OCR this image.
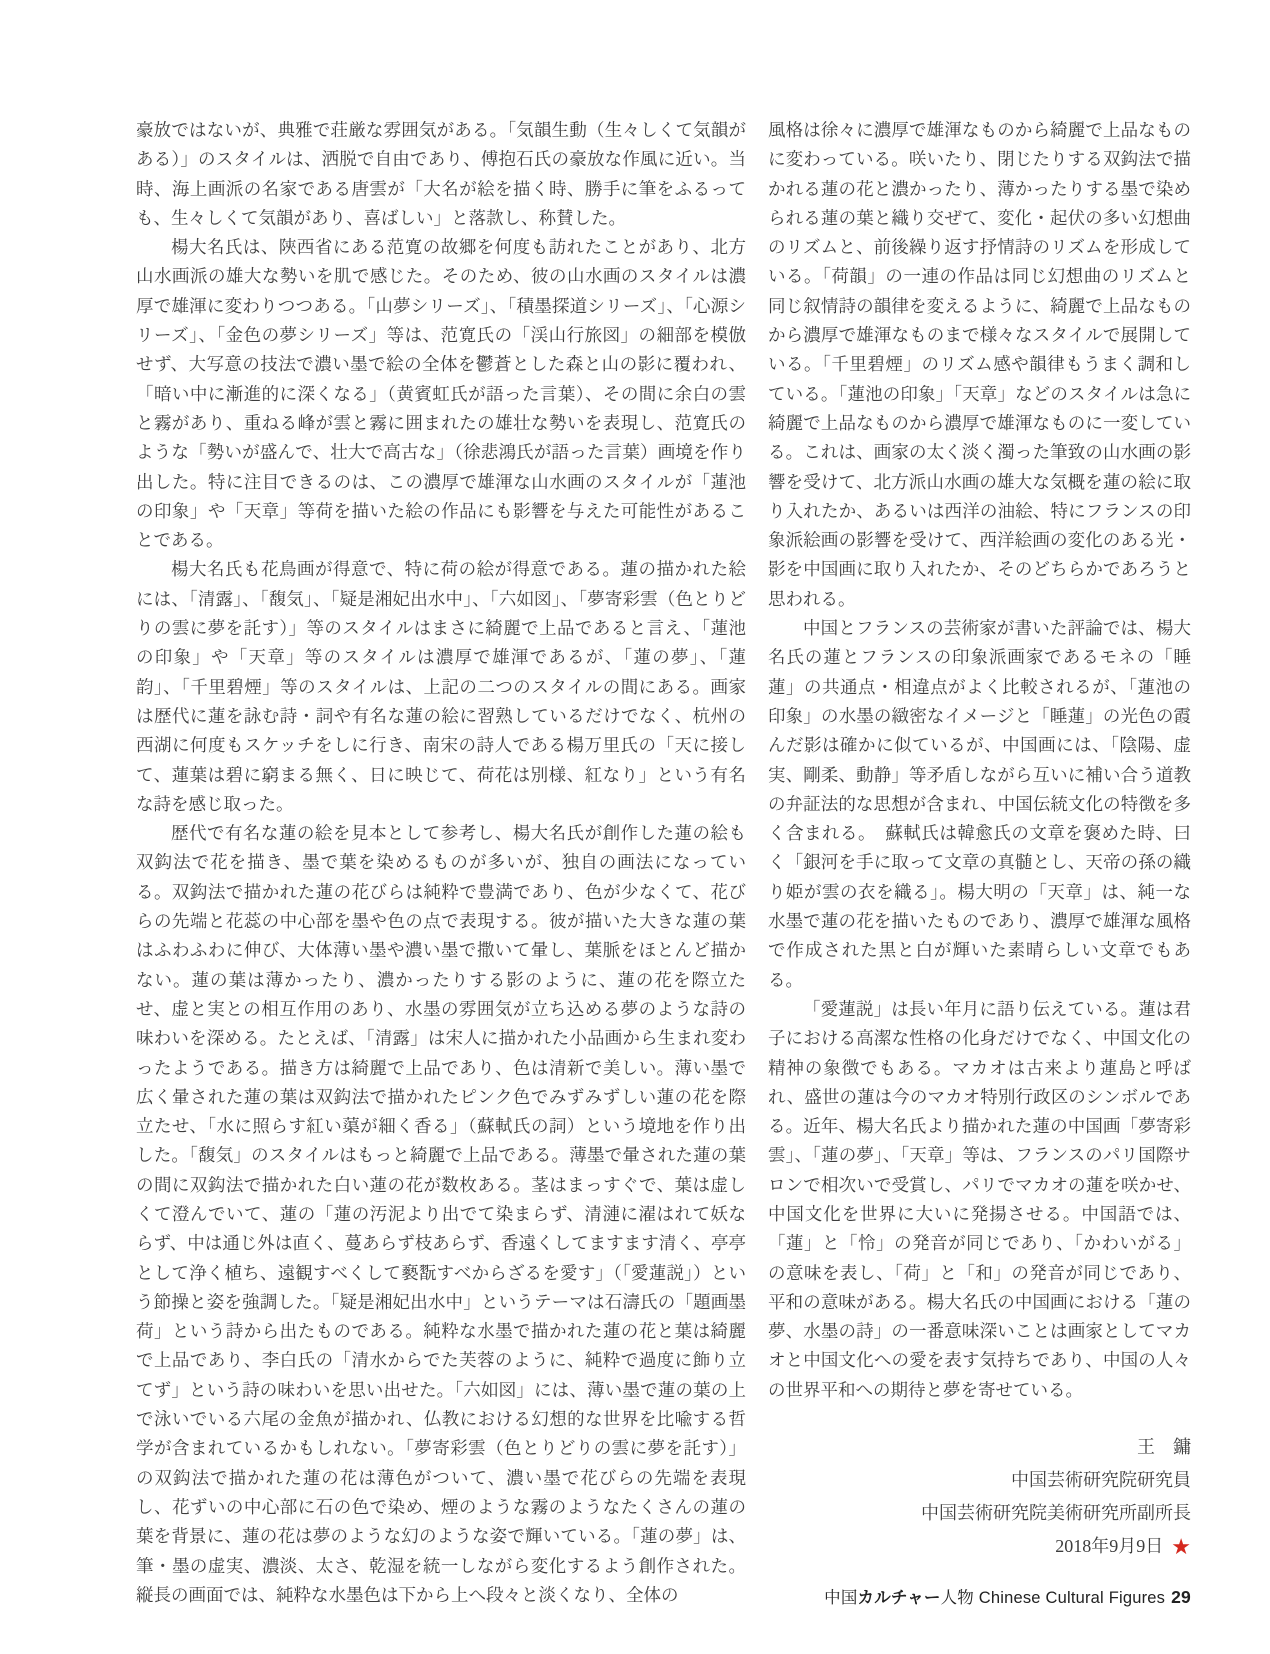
豪放ではないが、典雅で荘厳な雰囲気がある。「気韻生動（生々しくて気韻がある）」のスタイルは、洒脱で自由であり、傅抱石氏の豪放な作風に近い。当時、海上画派の名家である唐雲が「大名が絵を描く時、勝手に筆をふるっても、生々しくて気韻があり、喜ばしい」と落款し、称賛した。

楊大名氏は、陝西省にある范寛の故郷を何度も訪れたことがあり、北方山水画派の雄大な勢いを肌で感じた。そのため、彼の山水画のスタイルは濃厚で雄渾に変わりつつある。「山夢シリーズ」、「積墨探道シリーズ」、「心源シリーズ」、「金色の夢シリーズ」等は、范寛氏の「渓山行旅図」の細部を模倣せず、大写意の技法で濃い墨で絵の全体を鬱蒼とした森と山の影に覆われ、「暗い中に漸進的に深くなる」（黄賓虹氏が語った言葉）、その間に余白の雲と霧があり、重ねる峰が雲と霧に囲まれたの雄壮な勢いを表現し、范寛氏のような「勢いが盛んで、壮大で高古な」（徐悲鴻氏が語った言葉）画境を作り出した。特に注目できるのは、この濃厚で雄渾な山水画のスタイルが「蓮池の印象」や「天章」等荷を描いた絵の作品にも影響を与えた可能性があることである。

楊大名氏も花鳥画が得意で、特に荷の絵が得意である。蓮の描かれた絵には、「清露」、「馥気」、「疑是湘妃出水中」、「六如図」、「夢寄彩雲（色とりどりの雲に夢を託す）」等のスタイルはまさに綺麗で上品であると言え、「蓮池の印象」や「天章」等のスタイルは濃厚で雄渾であるが、「蓮の夢」、「蓮韵」、「千里碧煙」等のスタイルは、上記の二つのスタイルの間にある。画家は歴代に蓮を詠む詩・詞や有名な蓮の絵に習熟しているだけでなく、杭州の西湖に何度もスケッチをしに行き、南宋の詩人である楊万里氏の「天に接して、蓮葉は碧に窮まる無く、日に映じて、荷花は別様、紅なり」という有名な詩を感じ取った。

歴代で有名な蓮の絵を見本として参考し、楊大名氏が創作した蓮の絵も双鈎法で花を描き、墨で葉を染めるものが多いが、独自の画法になっている。双鈎法で描かれた蓮の花びらは純粋で豊満であり、色が少なくて、花びらの先端と花蕊の中心部を墨や色の点で表現する。彼が描いた大きな蓮の葉はふわふわに伸び、大体薄い墨や濃い墨で撒いて暈し、葉脈をほとんど描かない。蓮の葉は薄かったり、濃かったりする影のように、蓮の花を際立たせ、虚と実との相互作用のあり、水墨の雰囲気が立ち込める夢のような詩の味わいを深める。たとえば、「清露」は宋人に描かれた小品画から生まれ変わったようである。描き方は綺麗で上品であり、色は清新で美しい。薄い墨で広く暈された蓮の葉は双鈎法で描かれたピンク色でみずみずしい蓮の花を際立たせ、「水に照らす紅い蕖が細く香る」（蘇軾氏の詞）という境地を作り出した。「馥気」のスタイルはもっと綺麗で上品である。薄墨で暈された蓮の葉の間に双鈎法で描かれた白い蓮の花が数枚ある。茎はまっすぐで、葉は虚しくて澄んでいて、蓮の「蓮の汚泥より出でて染まらず、清漣に濯はれて妖ならず、中は通じ外は直く、蔓あらず枝あらず、香遠くしてますます清く、亭亭として浄く植ち、遠観すべくして褻翫すべからざるを愛す」（「愛蓮説」）という節操と姿を強調した。「疑是湘妃出水中」というテーマは石濤氏の「題画墨荷」という詩から出たものである。純粋な水墨で描かれた蓮の花と葉は綺麗で上品であり、李白氏の「清水からでた芙蓉のように、純粋で過度に飾り立てず」という詩の味わいを思い出せた。「六如図」には、薄い墨で蓮の葉の上で泳いでいる六尾の金魚が描かれ、仏教における幻想的な世界を比喩する哲学が含まれているかもしれない。「夢寄彩雲（色とりどりの雲に夢を託す）」の双鈎法で描かれた蓮の花は薄色がついて、濃い墨で花びらの先端を表現し、花ずいの中心部に石の色で染め、煙のような霧のようなたくさんの蓮の葉を背景に、蓮の花は夢のような幻のような姿で輝いている。「蓮の夢」は、筆・墨の虚実、濃淡、太さ、乾湿を統一しながら変化するよう創作された。縦長の画面では、純粋な水墨色は下から上へ段々と淡くなり、全体の

風格は徐々に濃厚で雄渾なものから綺麗で上品なものに変わっている。咲いたり、閉じたりする双鈎法で描かれる蓮の花と濃かったり、薄かったりする墨で染められる蓮の葉と織り交ぜて、変化・起伏の多い幻想曲のリズムと、前後繰り返す抒情詩のリズムを形成している。「荷韻」の一連の作品は同じ幻想曲のリズムと同じ叙情詩の韻律を変えるように、綺麗で上品なものから濃厚で雄渾なものまで様々なスタイルで展開している。「千里碧煙」のリズム感や韻律もうまく調和している。「蓮池の印象」「天章」などのスタイルは急に綺麗で上品なものから濃厚で雄渾なものに一変している。これは、画家の太く淡く濁った筆致の山水画の影響を受けて、北方派山水画の雄大な気概を蓮の絵に取り入れたか、あるいは西洋の油絵、特にフランスの印象派絵画の影響を受けて、西洋絵画の変化のある光・影を中国画に取り入れたか、そのどちらかであろうと思われる。

中国とフランスの芸術家が書いた評論では、楊大名氏の蓮とフランスの印象派画家であるモネの「睡蓮」の共通点・相違点がよく比較されるが、「蓮池の印象」の水墨の緻密なイメージと「睡蓮」の光色の霞んだ影は確かに似ているが、中国画には、「陰陽、虚実、剛柔、動静」等矛盾しながら互いに補い合う道教の弁証法的な思想が含まれ、中国伝統文化の特徴を多く含まれる。　蘇軾氏は韓愈氏の文章を褒めた時、曰く「銀河を手に取って文章の真髄とし、天帝の孫の織り姫が雲の衣を織る」。楊大明の「天章」は、純一な水墨で蓮の花を描いたものであり、濃厚で雄渾な風格で作成された黒と白が輝いた素晴らしい文章でもある。

「愛蓮説」は長い年月に語り伝えている。蓮は君子における高潔な性格の化身だけでなく、中国文化の精神の象徴でもある。マカオは古来より蓮島と呼ばれ、盛世の蓮は今のマカオ特別行政区のシンボルである。近年、楊大名氏より描かれた蓮の中国画「夢寄彩雲」、「蓮の夢」、「天章」等は、フランスのパリ国際サロンで相次いで受賞し、パリでマカオの蓮を咲かせ、中国文化を世界に大いに発揚させる。中国語では、「蓮」と「怜」の発音が同じであり、「かわいがる」の意味を表し、「荷」と「和」の発音が同じであり、平和の意味がある。楊大名氏の中国画における「蓮の夢、水墨の詩」の一番意味深いことは画家としてマカオと中国文化への愛を表す気持ちであり、中国の人々の世界平和への期待と夢を寄せている。

王　鏞
中国芸術研究院研究員
中国芸術研究院美術研究所副所長
2018年9月9日 ★
中国カルチャー人物 Chinese Cultural Figures 29
